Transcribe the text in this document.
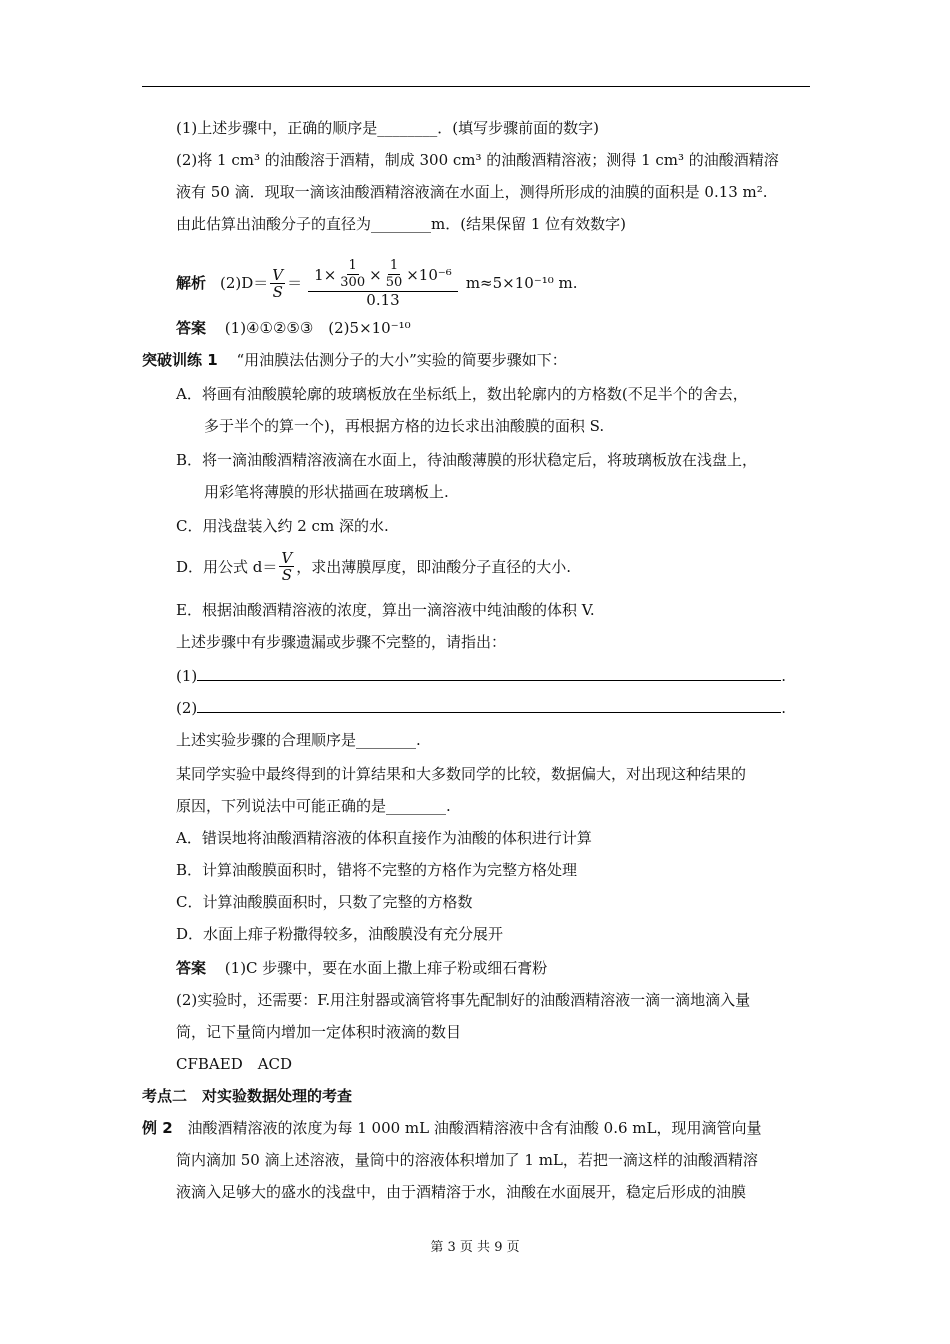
(1)上述步骤中，正确的顺序是________．(填写步骤前面的数字)
(2)将 1 cm³ 的油酸溶于酒精，制成 300 cm³ 的油酸酒精溶液；测得 1 cm³ 的油酸酒精溶
液有 50 滴．现取一滴该油酸酒精溶液滴在水面上，测得所形成的油膜的面积是 0.13 m².
由此估算出油酸分子的直径为________m．(结果保留 1 位有效数字)
解析 $(2)D= \frac{V}{S} = 1\times \frac{1}{300} \times \frac{1}{50} \times 10^{-6}$
0.13
m≈5×10⁻¹⁰ m.
答案 (1)④①②⑤③　(2)5×10⁻¹⁰
突破训练 1 “用油膜法估测分子的大小”实验的简要步骤如下：
A．将画有油酸膜轮廓的玻璃板放在坐标纸上，数出轮廓内的方格数(不足半个的舍去，
多于半个的算一个)，再根据方格的边长求出油酸膜的面积 S.
B．将一滴油酸酒精溶液滴在水面上，待油酸薄膜的形状稳定后，将玻璃板放在浅盘上，
用彩笔将薄膜的形状描画在玻璃板上.
C．用浅盘装入约 2 cm 深的水.
D．用公式 $d= \frac{V}{S}$ ，求出薄膜厚度，即油酸分子直径的大小.
E．根据油酸酒精溶液的浓度，算出一滴溶液中纯油酸的体积 V.
上述步骤中有步骤遗漏或步骤不完整的，请指出：
(1)	.
(2)	.
上述实验步骤的合理顺序是________.
某同学实验中最终得到的计算结果和大多数同学的比较，数据偏大，对出现这种结果的
原因，下列说法中可能正确的是________.
A．错误地将油酸酒精溶液的体积直接作为油酸的体积进行计算
B．计算油酸膜面积时，错将不完整的方格作为完整方格处理
C．计算油酸膜面积时，只数了完整的方格数
D．水面上痱子粉撒得较多，油酸膜没有充分展开
答案 (1)C 步骤中，要在水面上撒上痱子粉或细石膏粉
(2)实验时，还需要：F.用注射器或滴管将事先配制好的油酸酒精溶液一滴一滴地滴入量
筒，记下量筒内增加一定体积时液滴的数目
CFBAED　ACD
考点二　对实验数据处理的考查
例 2 油酸酒精溶液的浓度为每 1 000 mL 油酸酒精溶液中含有油酸 0.6 mL，现用滴管向量
筒内滴加 50 滴上述溶液，量筒中的溶液体积增加了 1 mL，若把一滴这样的油酸酒精溶
液滴入足够大的盛水的浅盘中，由于酒精溶于水，油酸在水面展开，稳定后形成的油膜
第 3 页 共 9 页
